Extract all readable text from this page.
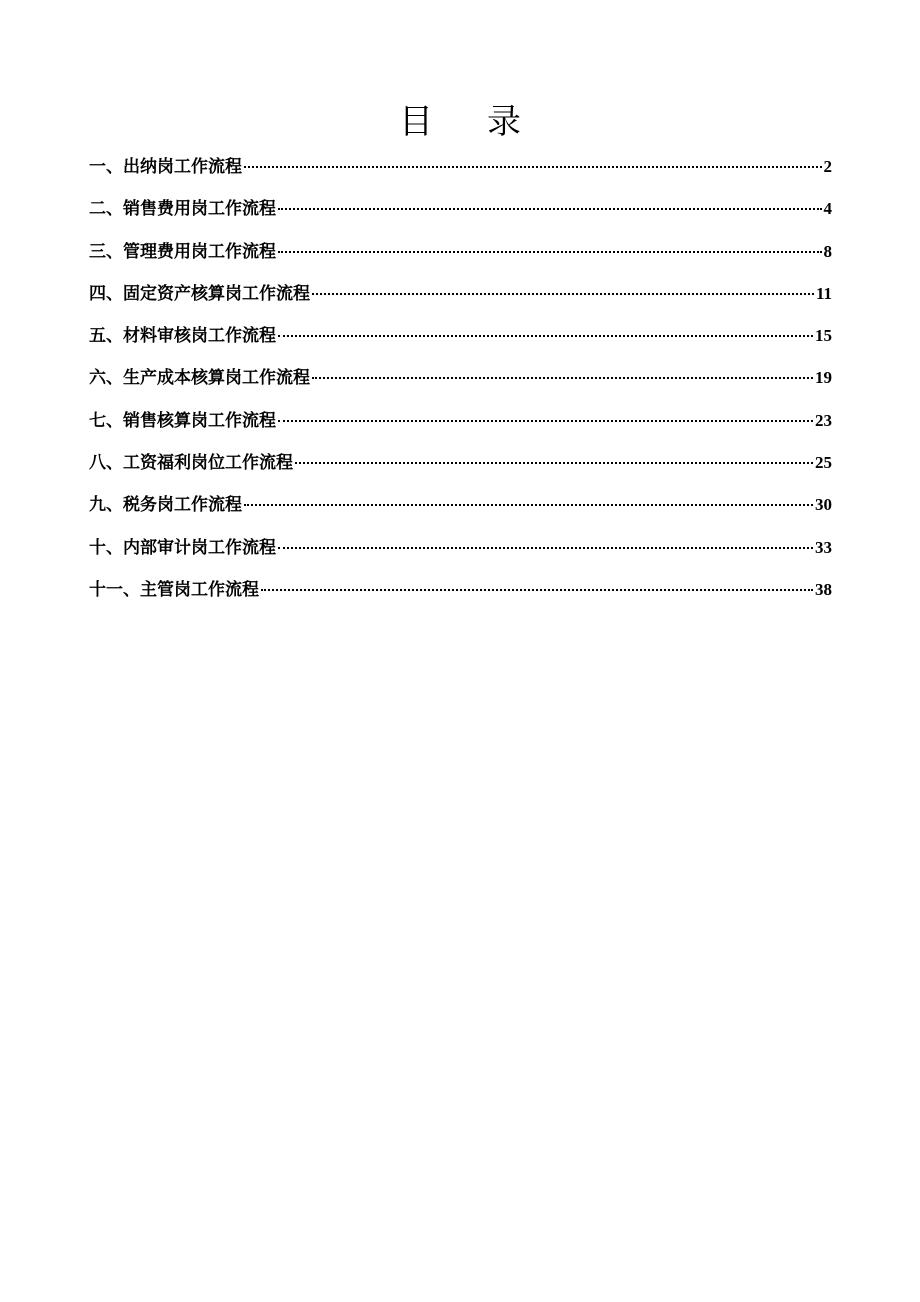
目 录
一、出纳岗工作流程	2
二、销售费用岗工作流程	4
三、管理费用岗工作流程	8
四、固定资产核算岗工作流程	11
五、材料审核岗工作流程	15
六、生产成本核算岗工作流程	19
七、销售核算岗工作流程	23
八、工资福利岗位工作流程	25
九、税务岗工作流程	30
十、内部审计岗工作流程	33
十一、主管岗工作流程	38
